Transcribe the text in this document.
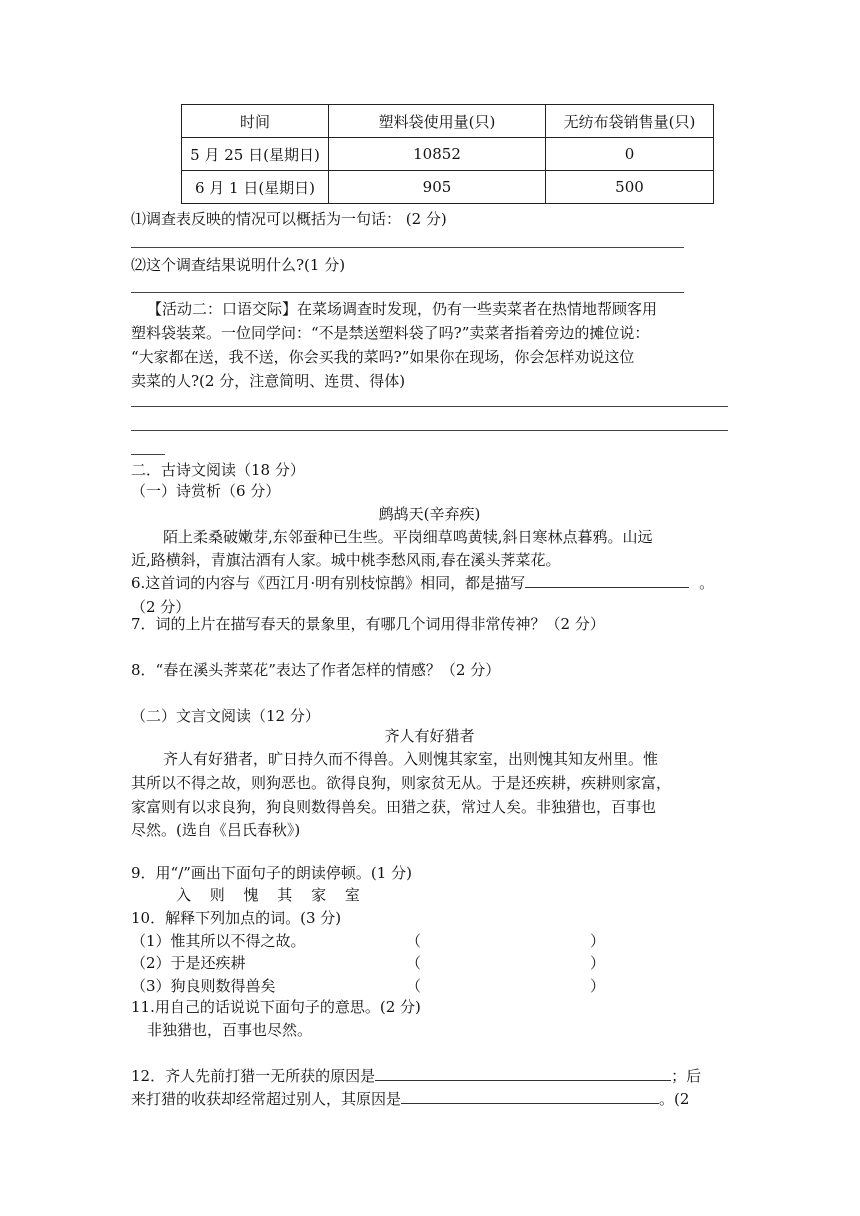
时间	塑料袋使用量(只)	无纺布袋销售量(只)
5 月 25 日(星期日)	10852	0
6 月 1 日(星期日)	905	500
⑴调查表反映的情况可以概括为一句话： (2 分)
⑵这个调查结果说明什么?(1 分)
【活动二：口语交际】在菜场调查时发现，仍有一些卖菜者在热情地帮顾客用
塑料袋装菜。一位同学问：“不是禁送塑料袋了吗?”卖菜者指着旁边的摊位说：
“大家都在送，我不送，你会买我的菜吗?”如果你在现场，你会怎样劝说这位
卖菜的人?(2 分，注意简明、连贯、得体)
二．古诗文阅读（18 分）
（一）诗赏析（6 分）
鹧鸪天(辛弃疾)
陌上柔桑破嫩芽,东邻蚕种已生些。平岗细草鸣黄犊,斜日寒林点暮鸦。山远
近,路横斜，青旗沽酒有人家。城中桃李愁风雨,春在溪头荠菜花。
6.这首词的内容与《西江月·明有别枝惊鹊》相同，都是描写	。
（2 分）
7．词的上片在描写春天的景象里，有哪几个词用得非常传神？（2 分）
8．“春在溪头荠菜花”表达了作者怎样的情感？（2 分）
（二）文言文阅读（12 分）
齐人有好猎者
齐人有好猎者，旷日持久而不得兽。入则愧其家室，出则愧其知友州里。惟
其所以不得之故，则狗恶也。欲得良狗，则家贫无从。于是还疾耕，疾耕则家富，
家富则有以求良狗，狗良则数得兽矣。田猎之获，常过人矣。非独猎也，百事也
尽然。(选自《吕氏春秋》)
9．用“/”画出下面句子的朗读停顿。(1 分)
入 则 愧 其 家 室
10．解释下列加点的词。(3 分)
（1）惟其所以不得之故。	（	）
（2）于是还疾耕	（	）
（3）狗良则数得兽矣	（	）
11.用自己的话说说下面句子的意思。(2 分)
非独猎也，百事也尽然。
12．齐人先前打猎一无所获的原因是	；后
来打猎的收获却经常超过别人，其原因是	。(2
